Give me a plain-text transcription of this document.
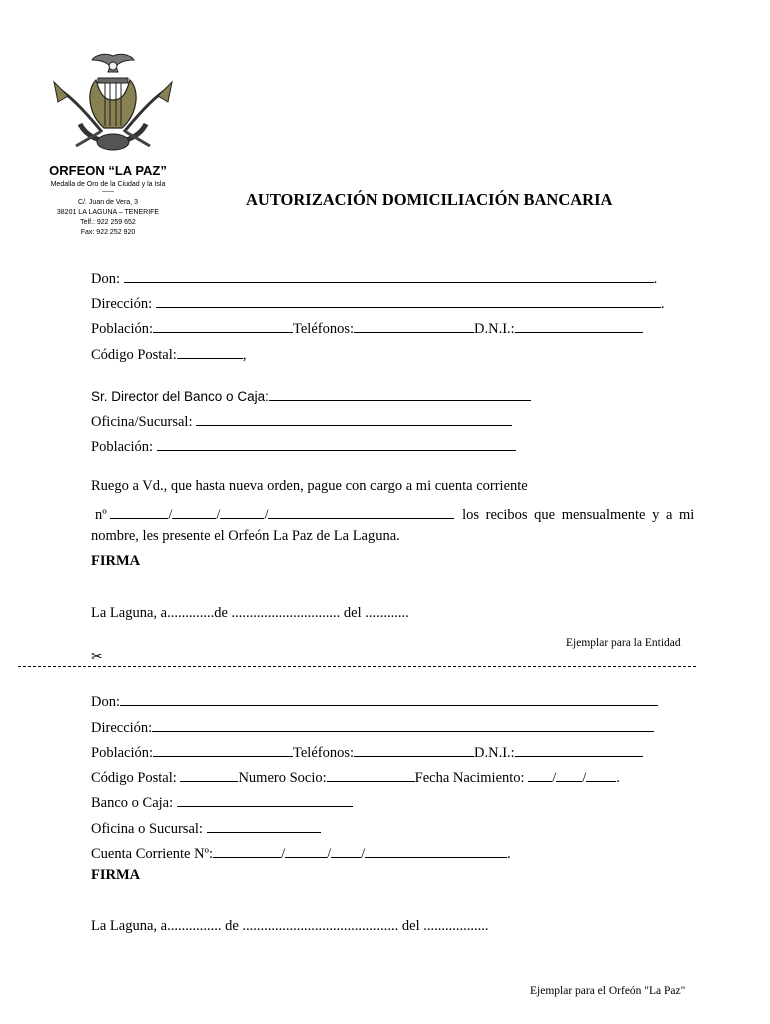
ORFEON “LA PAZ”
Medalla de Oro de la Ciudad y la Isla
——
C/. Juan de Vera, 3
38201 LA LAGUNA – TENERIFE
Telf.: 922 259 652
Fax: 922 252 920
AUTORIZACIÓN DOMICILIACIÓN BANCARIA
Don:	.
Dirección:	.
Población:	Teléfonos:	D.N.I.:
Código Postal:	,
Sr. Director del Banco o Caja:
Oficina/Sucursal:
Población:
Ruego a Vd., que hasta nueva orden, pague con cargo a mi cuenta corriente
nº	/	/	/	los recibos que mensualmente y a mi
nombre, les presente el Orfeón La Paz de La Laguna.
FIRMA
La Laguna, a.............de .............................. del ............
Ejemplar para la Entidad
✂
Don:
Dirección:
Población:	Teléfonos:	D.N.I.:
Código Postal:	Numero Socio:	Fecha Nacimiento: / / .
Banco o Caja:
Oficina o Sucursal:
Cuenta Corriente Nº:	/	/ /	.
FIRMA
La Laguna, a............... de ........................................... del ..................
Ejemplar para el Orfeón "La Paz"
